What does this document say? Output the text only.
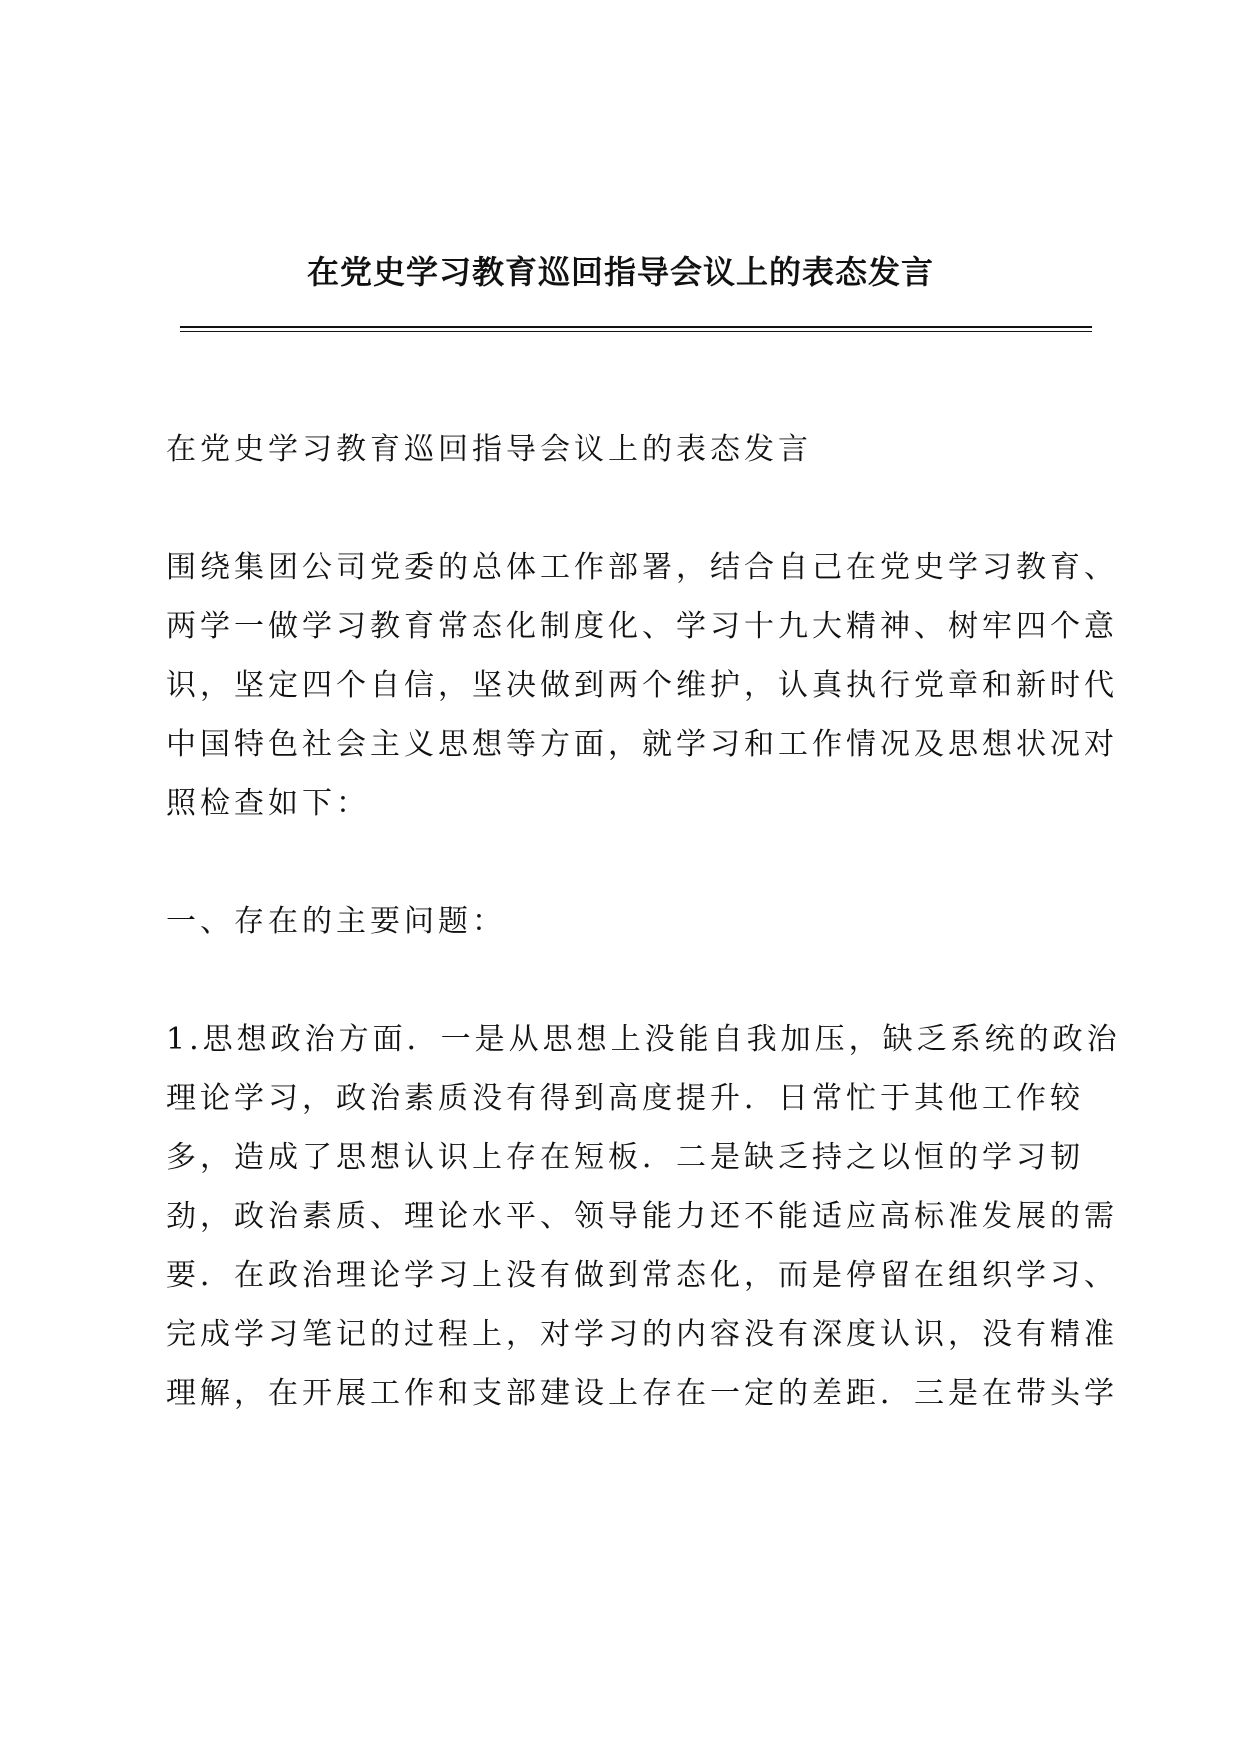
在党史学习教育巡回指导会议上的表态发言

在党史学习教育巡回指导会议上的表态发言

围绕集团公司党委的总体工作部署，结合自己在党史学习教育、
两学一做学习教育常态化制度化、学习十九大精神、树牢四个意
识，坚定四个自信，坚决做到两个维护，认真执行党章和新时代
中国特色社会主义思想等方面，就学习和工作情况及思想状况对
照检查如下：

一、存在的主要问题：

1.思想政治方面．一是从思想上没能自我加压，缺乏系统的政治
理论学习，政治素质没有得到高度提升．日常忙于其他工作较
多，造成了思想认识上存在短板．二是缺乏持之以恒的学习韧
劲，政治素质、理论水平、领导能力还不能适应高标准发展的需
要．在政治理论学习上没有做到常态化，而是停留在组织学习、
完成学习笔记的过程上，对学习的内容没有深度认识，没有精准
理解，在开展工作和支部建设上存在一定的差距．三是在带头学
